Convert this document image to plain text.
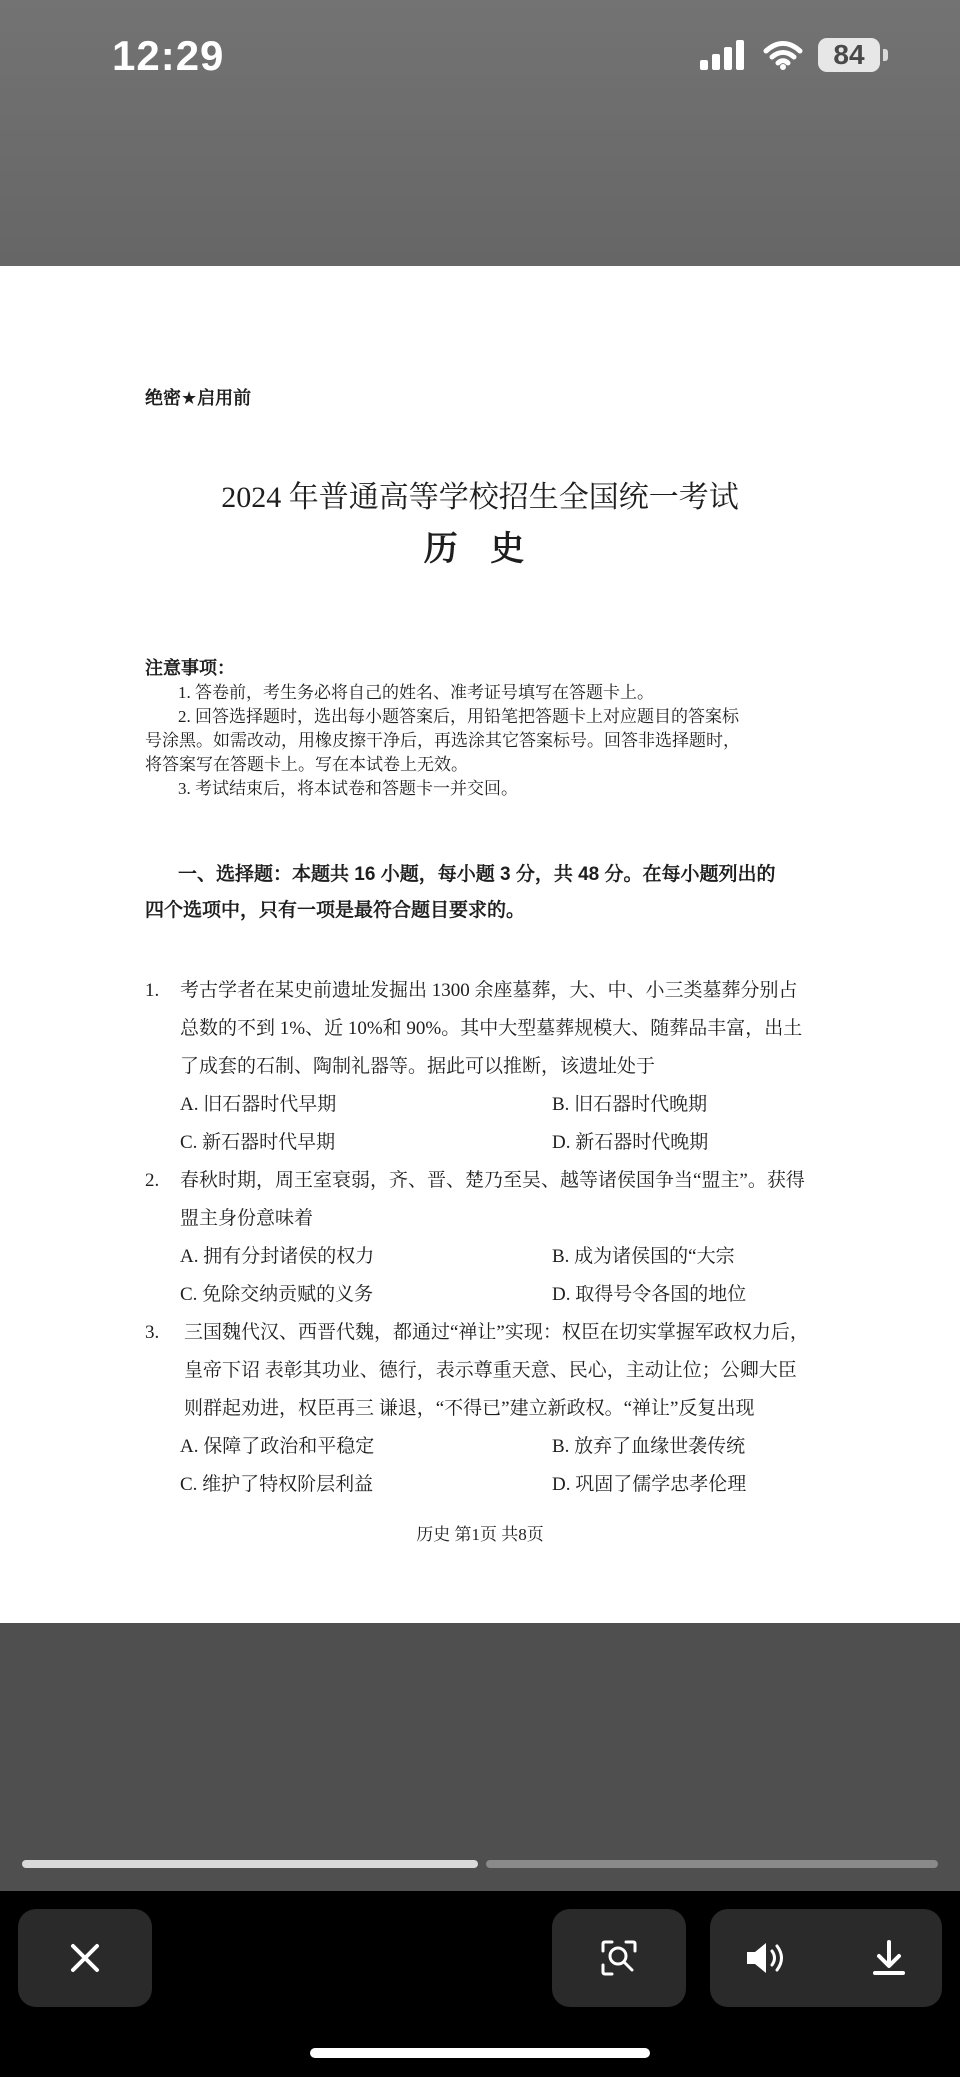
12:29	84
绝密★启用前
2024 年普通高等学校招生全国统一考试
历 史
注意事项：
1. 答卷前，考生务必将自己的姓名、准考证号填写在答题卡上。
2. 回答选择题时，选出每小题答案后，用铅笔把答题卡上对应题目的答案标
号涂黑。如需改动，用橡皮擦干净后，再选涂其它答案标号。回答非选择题时，
将答案写在答题卡上。写在本试卷上无效。
3. 考试结束后，将本试卷和答题卡一并交回。
一、选择题：本题共 16 小题，每小题 3 分，共 48 分。在每小题列出的
四个选项中，只有一项是最符合题目要求的。
1. 考古学者在某史前遗址发掘出 1300 余座墓葬，大、中、小三类墓葬分别占
总数的不到 1%、近 10%和 90%。其中大型墓葬规模大、随葬品丰富，出土
了成套的石制、陶制礼器等。据此可以推断，该遗址处于
A. 旧石器时代早期	B. 旧石器时代晚期
C. 新石器时代早期	D. 新石器时代晚期
2. 春秋时期，周王室衰弱，齐、晋、楚乃至吴、越等诸侯国争当“盟主”。获得
盟主身份意味着
A. 拥有分封诸侯的权力	B. 成为诸侯国的“大宗
C. 免除交纳贡赋的义务	D. 取得号令各国的地位
3. 三国魏代汉、西晋代魏，都通过“禅让”实现：权臣在切实掌握军政权力后，
皇帝下诏 表彰其功业、德行，表示尊重天意、民心，主动让位；公卿大臣
则群起劝进，权臣再三 谦退，“不得已”建立新政权。“禅让”反复出现
A. 保障了政治和平稳定	B. 放弃了血缘世袭传统
C. 维护了特权阶层利益	D. 巩固了儒学忠孝伦理
历史 第1页 共8页
